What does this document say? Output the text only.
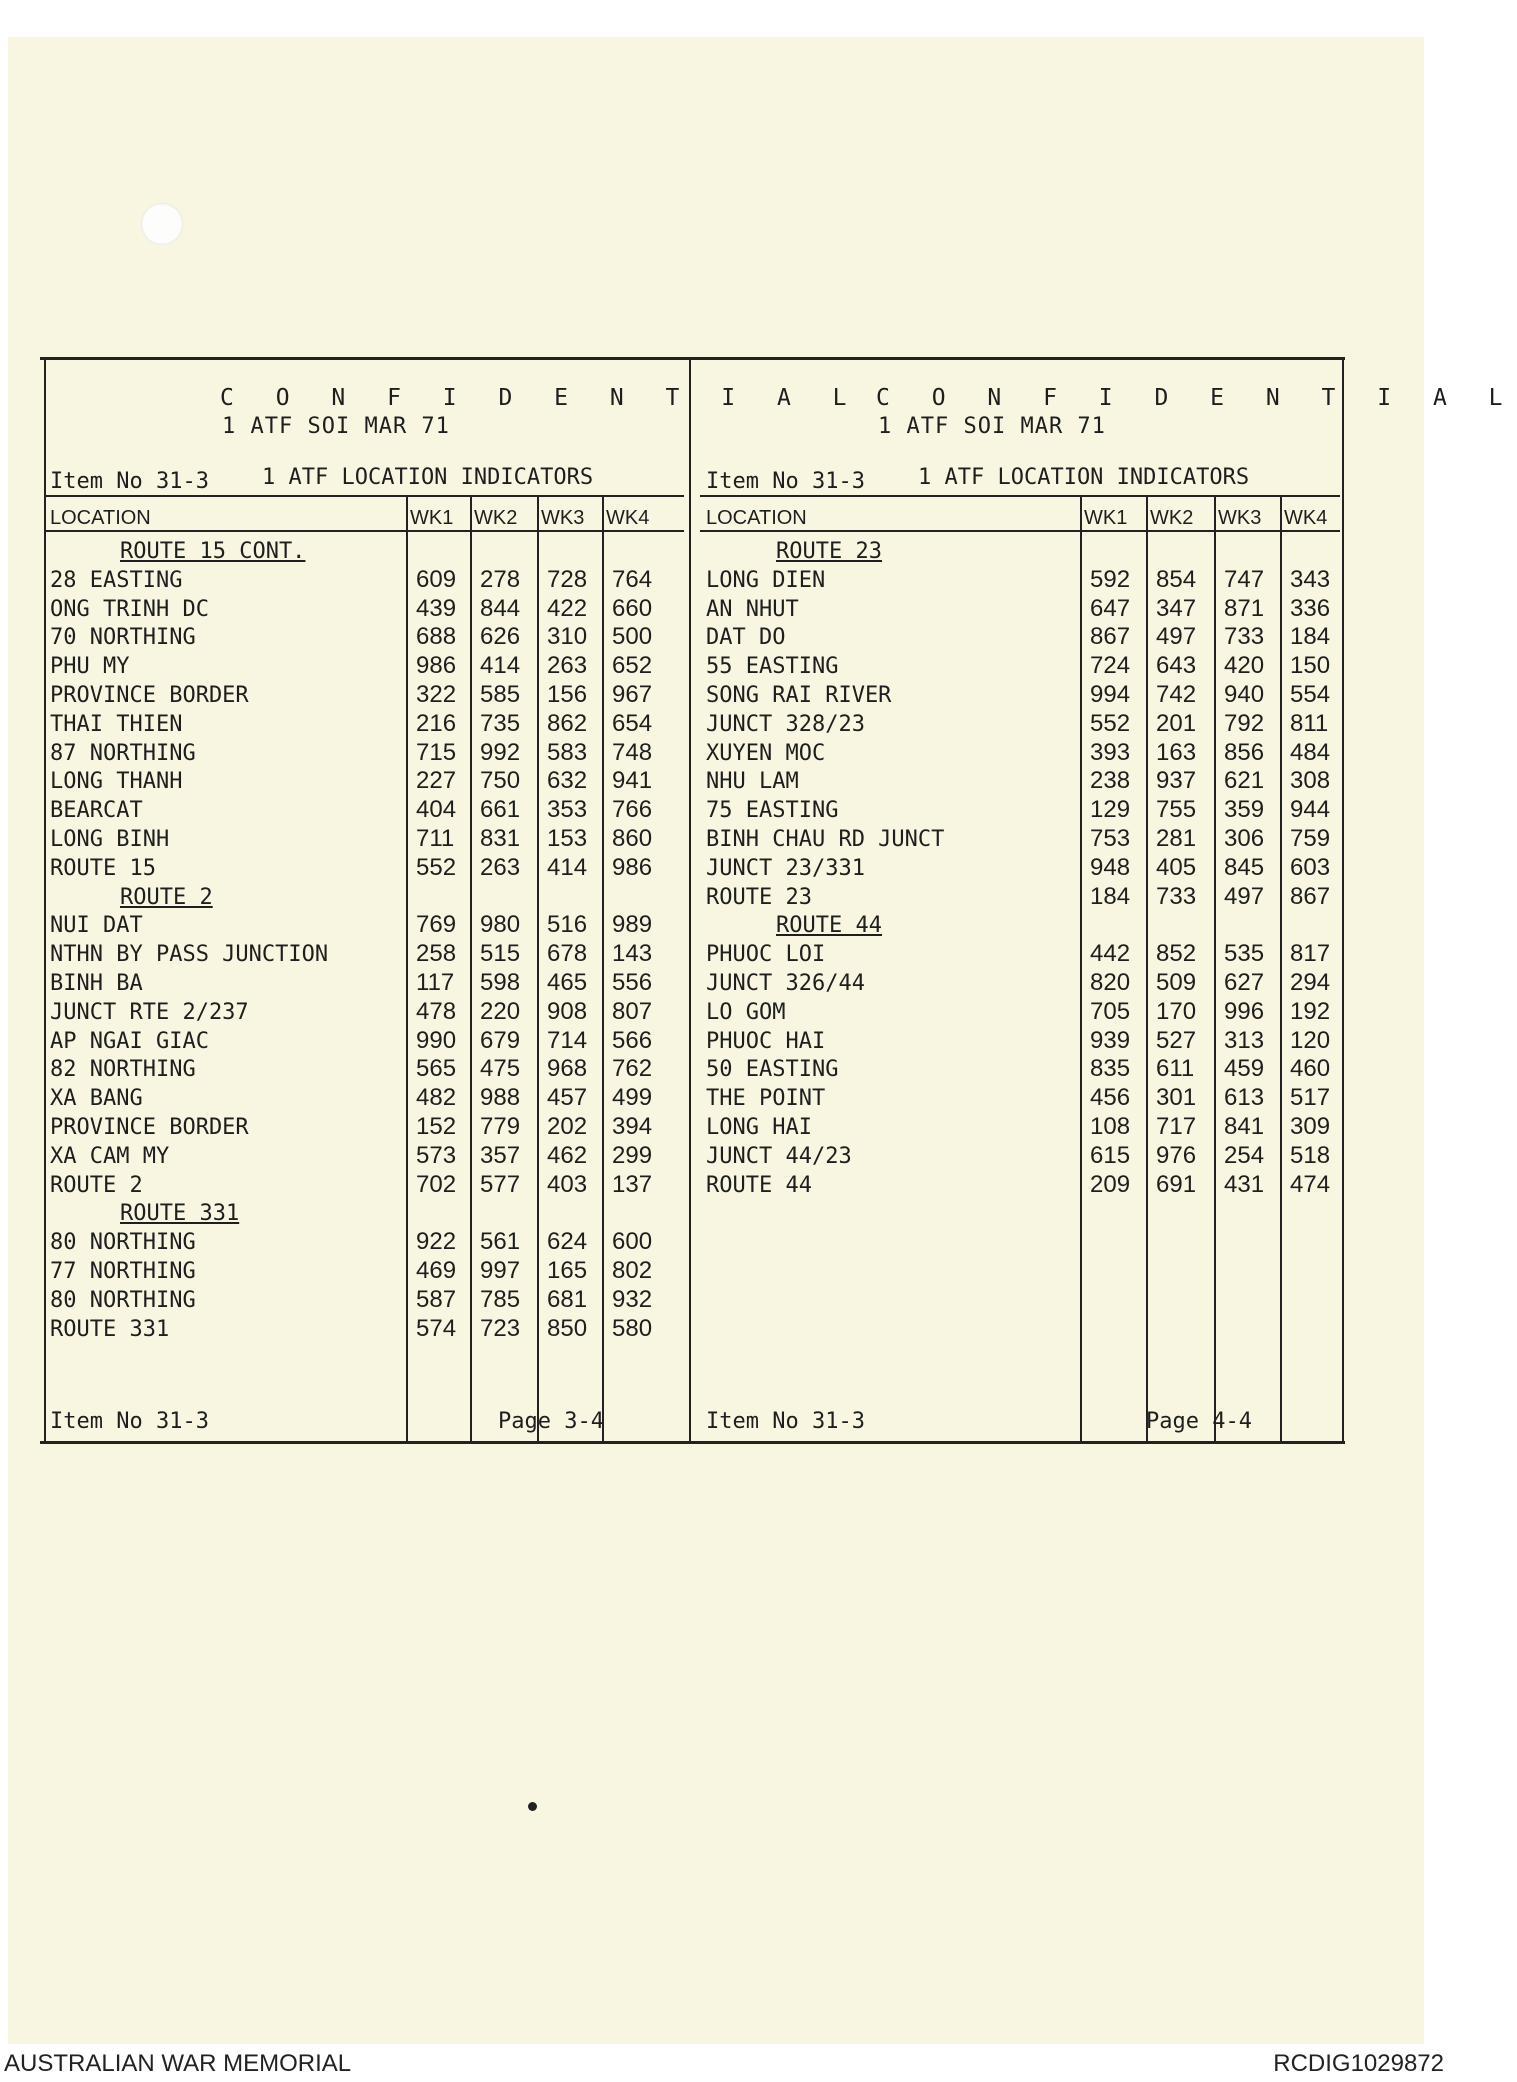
C O N F I D E N T I A L
1 ATF SOI MAR 71
Item No 31-3 1 ATF LOCATION INDICATORS
LOCATION	WK1 WK2 WK3 WK4
ROUTE 15 CONT.
28 EASTING	609 278 728 764
ONG TRINH DC	439 844 422 660
70 NORTHING	688 626 310 500
PHU MY	986 414 263 652
PROVINCE BORDER	322 585 156 967
THAI THIEN	216 735 862 654
87 NORTHING	715 992 583 748
LONG THANH	227 750 632 941
BEARCAT	404 661 353 766
LONG BINH	711 831 153 860
ROUTE 15	552 263 414 986
ROUTE 2
NUI DAT	769 980 516 989
NTHN BY PASS JUNCTION	258 515 678 143
BINH BA	117 598 465 556
JUNCT RTE 2/237	478 220 908 807
AP NGAI GIAC	990 679 714 566
82 NORTHING	565 475 968 762
XA BANG	482 988 457 499
PROVINCE BORDER	152 779 202 394
XA CAM MY	573 357 462 299
ROUTE 2	702 577 403 137
ROUTE 331
80 NORTHING	922 561 624 600
77 NORTHING	469 997 165 802
80 NORTHING	587 785 681 932
ROUTE 331	574 723 850 580
Item No 31-3	Page 3-4
C O N F I D E N T I A L
1 ATF SOI MAR 71
Item No 31-3 1 ATF LOCATION INDICATORS
LOCATION	WK1 WK2 WK3 WK4
ROUTE 23
LONG DIEN	592 854 747 343
AN NHUT	647 347 871 336
DAT DO	867 497 733 184
55 EASTING	724 643 420 150
SONG RAI RIVER	994 742 940 554
JUNCT 328/23	552 201 792 811
XUYEN MOC	393 163 856 484
NHU LAM	238 937 621 308
75 EASTING	129 755 359 944
BINH CHAU RD JUNCT	753 281 306 759
JUNCT 23/331	948 405 845 603
ROUTE 23	184 733 497 867
ROUTE 44
PHUOC LOI	442 852 535 817
JUNCT 326/44	820 509 627 294
LO GOM	705 170 996 192
PHUOC HAI	939 527 313 120
50 EASTING	835 611 459 460
THE POINT	456 301 613 517
LONG HAI	108 717 841 309
JUNCT 44/23	615 976 254 518
ROUTE 44	209 691 431 474
Item No 31-3	Page 4-4
AUSTRALIAN WAR MEMORIAL	RCDIG1029872
